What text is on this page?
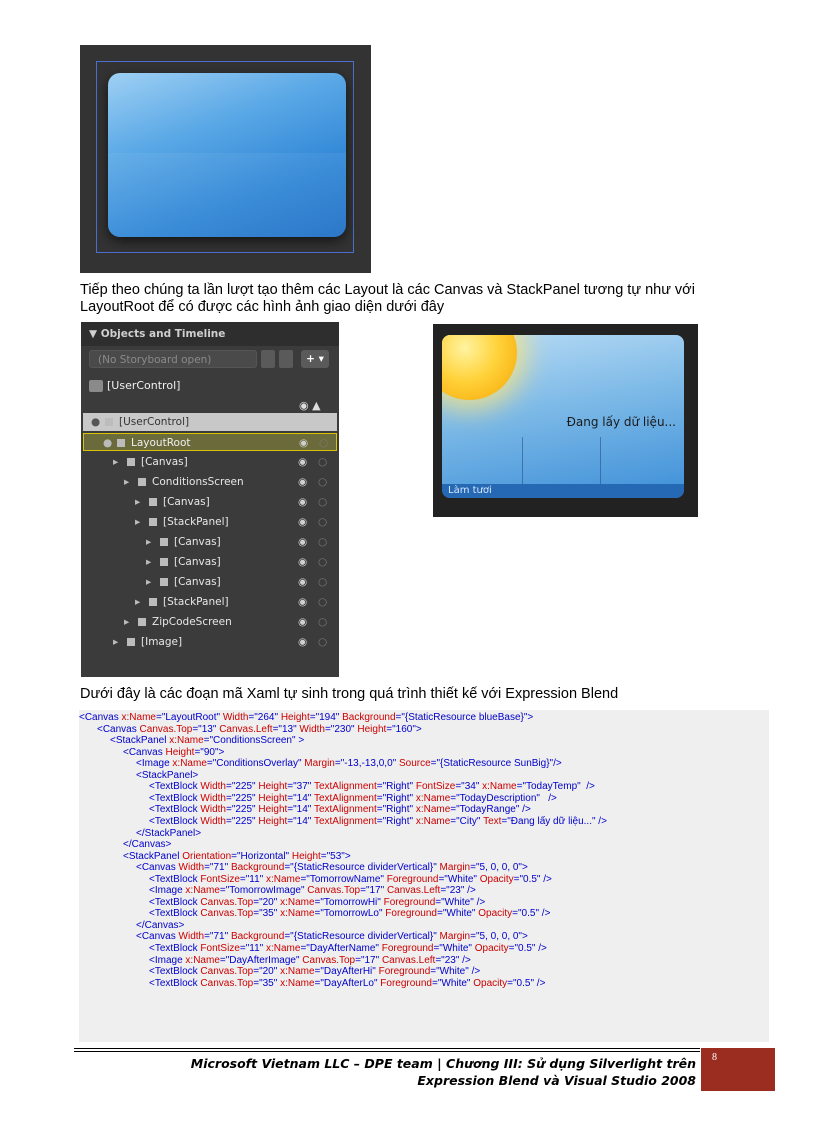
Tiếp theo chúng ta lần lượt tạo thêm các Layout là các Canvas và StackPanel tương tự như với LayoutRoot để có được các hình ảnh giao diện dưới đây
▼ Objects and Timeline
(No Storyboard open)	+ ▾
[UserControl]
◉ ▲
● [UserControl]
● LayoutRoot	◉ ○
▸ [Canvas]	◉ ○
▸ ConditionsScreen	◉ ○
▸ [Canvas]	◉ ○
▸ [StackPanel]	◉ ○
▸ [Canvas]	◉ ○
▸ [Canvas]	◉ ○
▸ [Canvas]	◉ ○
▸ [StackPanel]	◉ ○
▸ ZipCodeScreen	◉ ○
▸ [Image]	◉ ○
Đang lấy dữ liệu...
Làm tươi
Dưới đây là các đoạn mã Xaml tự sinh trong quá trình thiết kế với Expression Blend
<Canvas x:Name="LayoutRoot" Width="264" Height="194" Background="{StaticResource blueBase}">
<Canvas Canvas.Top="13" Canvas.Left="13" Width="230" Height="160">
<StackPanel x:Name="ConditionsScreen" >
<Canvas Height="90">
<Image x:Name="ConditionsOverlay" Margin="-13,-13,0,0" Source="{StaticResource SunBig}"/>
<StackPanel>
<TextBlock Width="225" Height="37" TextAlignment="Right" FontSize="34" x:Name="TodayTemp"  />
<TextBlock Width="225" Height="14" TextAlignment="Right" x:Name="TodayDescription"   />
<TextBlock Width="225" Height="14" TextAlignment="Right" x:Name="TodayRange" />
<TextBlock Width="225" Height="14" TextAlignment="Right" x:Name="City" Text="Đang lấy dữ liệu..." />
</StackPanel>
</Canvas>
<StackPanel Orientation="Horizontal" Height="53">
<Canvas Width="71" Background="{StaticResource dividerVertical}" Margin="5, 0, 0, 0">
<TextBlock FontSize="11" x:Name="TomorrowName" Foreground="White" Opacity="0.5" />
<Image x:Name="TomorrowImage" Canvas.Top="17" Canvas.Left="23" />
<TextBlock Canvas.Top="20" x:Name="TomorrowHi" Foreground="White" />
<TextBlock Canvas.Top="35" x:Name="TomorrowLo" Foreground="White" Opacity="0.5" />
</Canvas>
<Canvas Width="71" Background="{StaticResource dividerVertical}" Margin="5, 0, 0, 0">
<TextBlock FontSize="11" x:Name="DayAfterName" Foreground="White" Opacity="0.5" />
<Image x:Name="DayAfterImage" Canvas.Top="17" Canvas.Left="23" />
<TextBlock Canvas.Top="20" x:Name="DayAfterHi" Foreground="White" />
<TextBlock Canvas.Top="35" x:Name="DayAfterLo" Foreground="White" Opacity="0.5" />
Microsoft Vietnam LLC – DPE team | Chương III: Sử dụng Silverlight trên
Expression Blend và Visual Studio 2008
8
